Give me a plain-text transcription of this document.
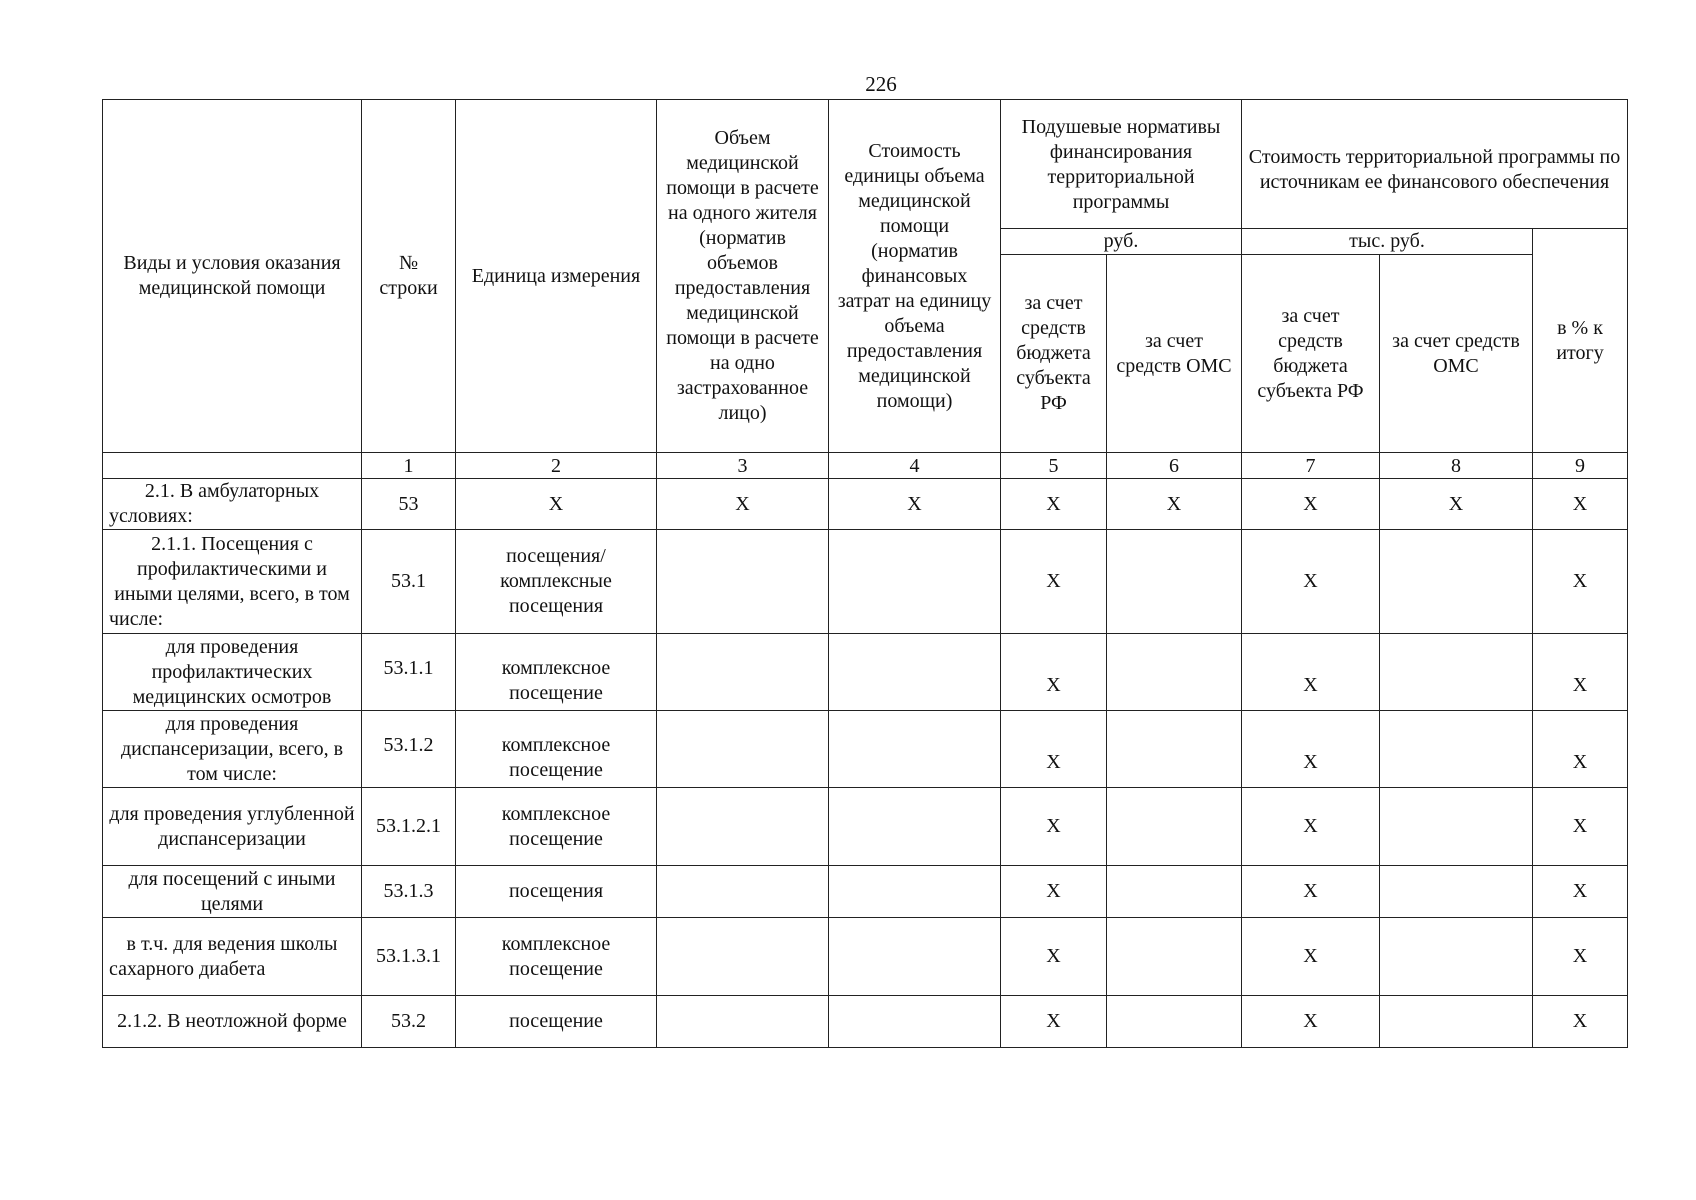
226
Виды и условия оказания медицинской помощи	№ строки	Единица измерения	Объем медицинской помощи в расчете на одного жителя (норматив объемов предоставления медицинской помощи в расчете на одно застрахованное лицо)	Стоимость единицы объема медицинской помощи (норматив финансовых затрат на единицу объема предоставления медицинской помощи)	Подушевые нормативы финансирования территориальной программы		Стоимость территориальной программы по источникам ее финансового обеспечения		
					руб.		тыс. руб.		в % к итогу
					за счет средств бюджета субъекта РФ	за счет средств ОМС	за счет средств бюджета субъекта РФ	за счет средств ОМС	
	1	2	3	4	5	6	7	8	9
2.1. В амбулаторных условиях:	53	X	X	X	X	X	X	X	X
2.1.1. Посещения с профилактическими и иными целями, всего, в том числе:	53.1	посещения/ комплексные посещения			X		X		X
для проведения профилактических медицинских осмотров	53.1.1	комплексное посещение			X		X		X
для проведения диспансеризации, всего, в том числе:	53.1.2	комплексное посещение			X		X		X
для проведения углубленной диспансеризации	53.1.2.1	комплексное посещение			X		X		X
для посещений с иными целями	53.1.3	посещения			X		X		X
в т.ч. для ведения школы сахарного диабета	53.1.3.1	комплексное посещение			X		X		X
2.1.2. В неотложной форме	53.2	посещение			X		X		X
